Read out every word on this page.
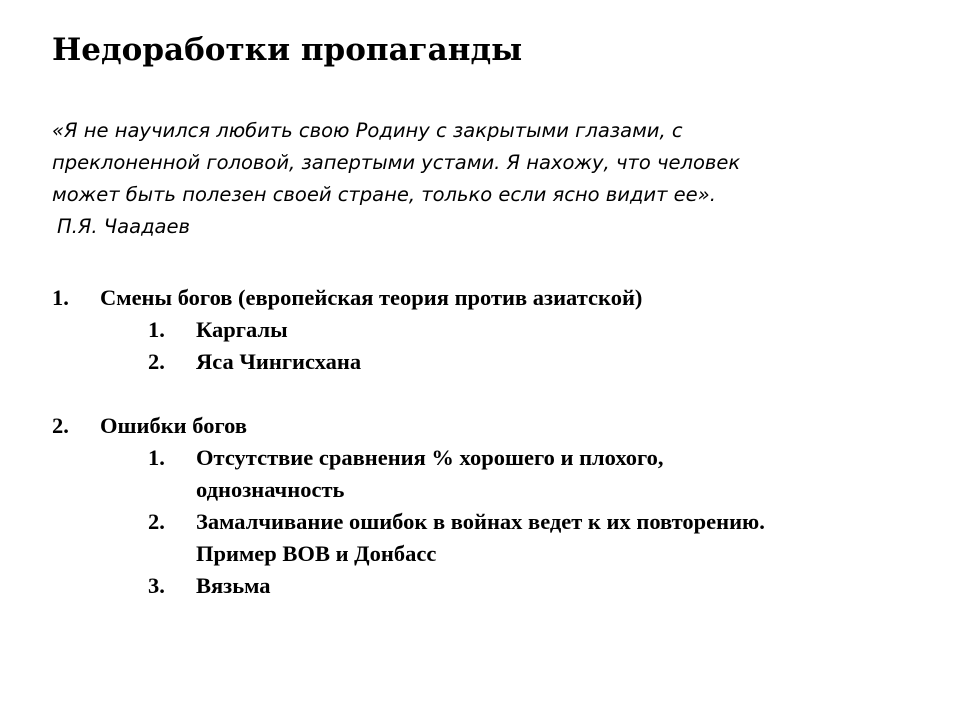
Недоработки пропаганды
«Я не научился любить свою Родину с закрытыми глазами, с
преклоненной головой, запертыми устами. Я нахожу, что человек
может быть полезен своей стране, только если ясно видит ее».
П.Я. Чаадаев
1. Смены богов (европейская теория против азиатской)
1. Каргалы
2. Яса Чингисхана
2. Ошибки богов
1. Отсутствие сравнения % хорошего и плохого,
однозначность
2. Замалчивание ошибок в войнах ведет к их повторению.
Пример ВОВ и Донбасс
3. Вязьма
